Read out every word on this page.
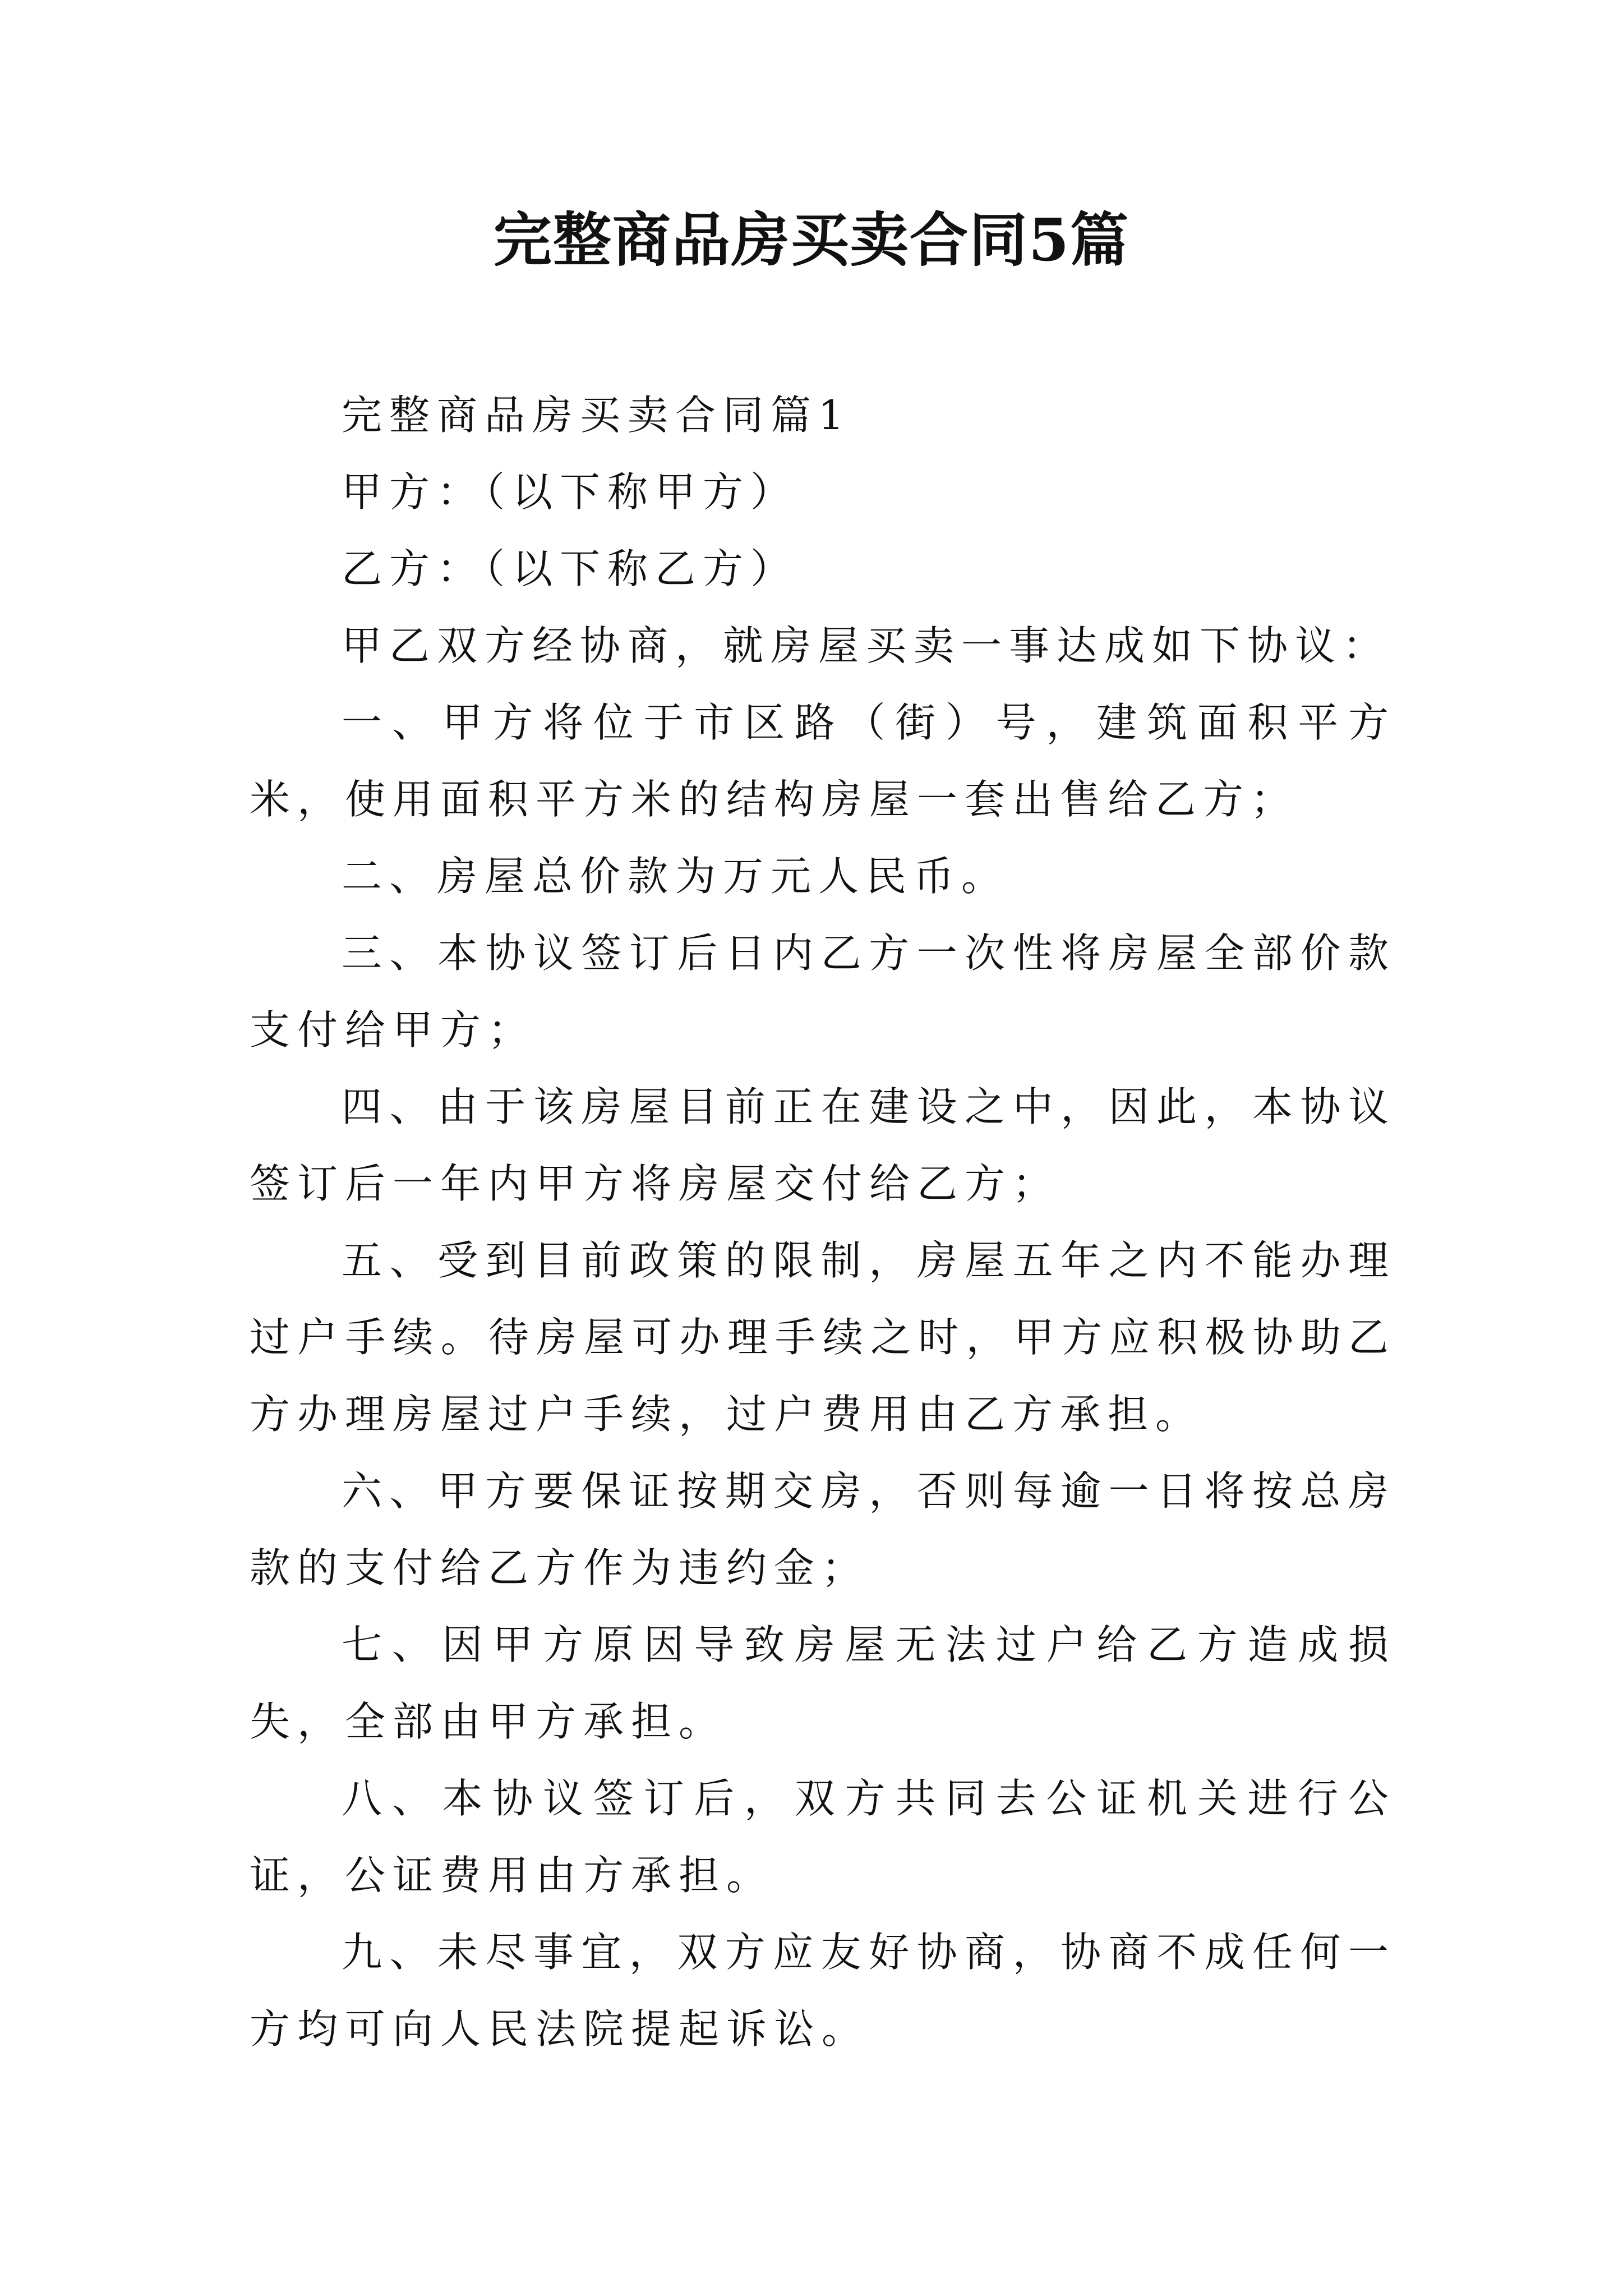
完整商品房买卖合同5篇

完整商品房买卖合同篇1

甲方：（以下称甲方）

乙方：（以下称乙方）

甲乙双方经协商，就房屋买卖一事达成如下协议：

一、甲方将位于市区路（街）号，建筑面积平方米，使用面积平方米的结构房屋一套出售给乙方；

二、房屋总价款为万元人民币。

三、本协议签订后日内乙方一次性将房屋全部价款支付给甲方；

四、由于该房屋目前正在建设之中，因此，本协议签订后一年内甲方将房屋交付给乙方；

五、受到目前政策的限制，房屋五年之内不能办理过户手续。待房屋可办理手续之时，甲方应积极协助乙方办理房屋过户手续，过户费用由乙方承担。

六、甲方要保证按期交房，否则每逾一日将按总房款的支付给乙方作为违约金；

七、因甲方原因导致房屋无法过户给乙方造成损失，全部由甲方承担。

八、本协议签订后，双方共同去公证机关进行公证，公证费用由方承担。

九、未尽事宜，双方应友好协商，协商不成任何一方均可向人民法院提起诉讼。
